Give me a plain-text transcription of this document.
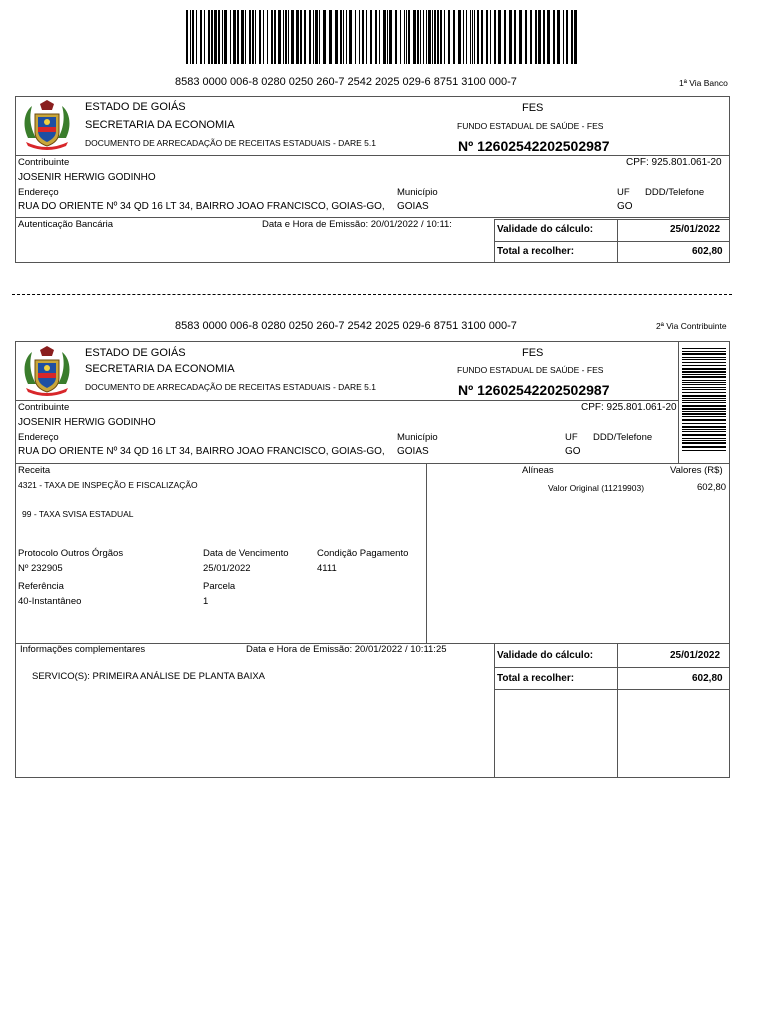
8583 0000 006-8 0280 0250 260-7 2542 2025 029-6 8751 3100 000-7	1ª Via Banco
ESTADO DE GOIÁS
SECRETARIA DA ECONOMIA
DOCUMENTO DE ARRECADAÇÃO DE RECEITAS ESTADUAIS - DARE 5.1
FES
FUNDO ESTADUAL DE SAÚDE - FES
Nº 12602542202502987
Contribuinte	CPF: 925.801.061-20
JOSENIR HERWIG GODINHO
Endereço	Município	UF DDD/Telefone
RUA DO ORIENTE Nº 34 QD 16 LT 34, BAIRRO JOAO FRANCISCO, GOIAS-GO, GOIAS	GO
Autenticação Bancária	Data e Hora de Emissão: 20/01/2022 / 10:11:	Validade do cálculo:	25/01/2022
Total a recolher:	602,80
8583 0000 006-8 0280 0250 260-7 2542 2025 029-6 8751 3100 000-7	2ª Via Contribuinte
ESTADO DE GOIÁS
SECRETARIA DA ECONOMIA
DOCUMENTO DE ARRECADAÇÃO DE RECEITAS ESTADUAIS - DARE 5.1
FES
FUNDO ESTADUAL DE SAÚDE - FES
Nº 12602542202502987
Contribuinte	CPF: 925.801.061-20
JOSENIR HERWIG GODINHO
Endereço	Município	UF DDD/Telefone
RUA DO ORIENTE Nº 34 QD 16 LT 34, BAIRRO JOAO FRANCISCO, GOIAS-GO, GOIAS	GO
Receita
4321 - TAXA DE INSPEÇÃO E FISCALIZAÇÃO
99 - TAXA SVISA ESTADUAL
Alíneas	Valores (R$)
Valor Original (11219903)	602,80
Protocolo Outros Órgãos	Data de Vencimento	Condição Pagamento
Nº 232905	25/01/2022	4111
Referência	Parcela
40-Instantâneo	1
Informações complementares	Data e Hora de Emissão: 20/01/2022 / 10:11:25
SERVICO(S): PRIMEIRA ANÁLISE DE PLANTA BAIXA
Validade do cálculo:	25/01/2022
Total a recolher:	602,80
